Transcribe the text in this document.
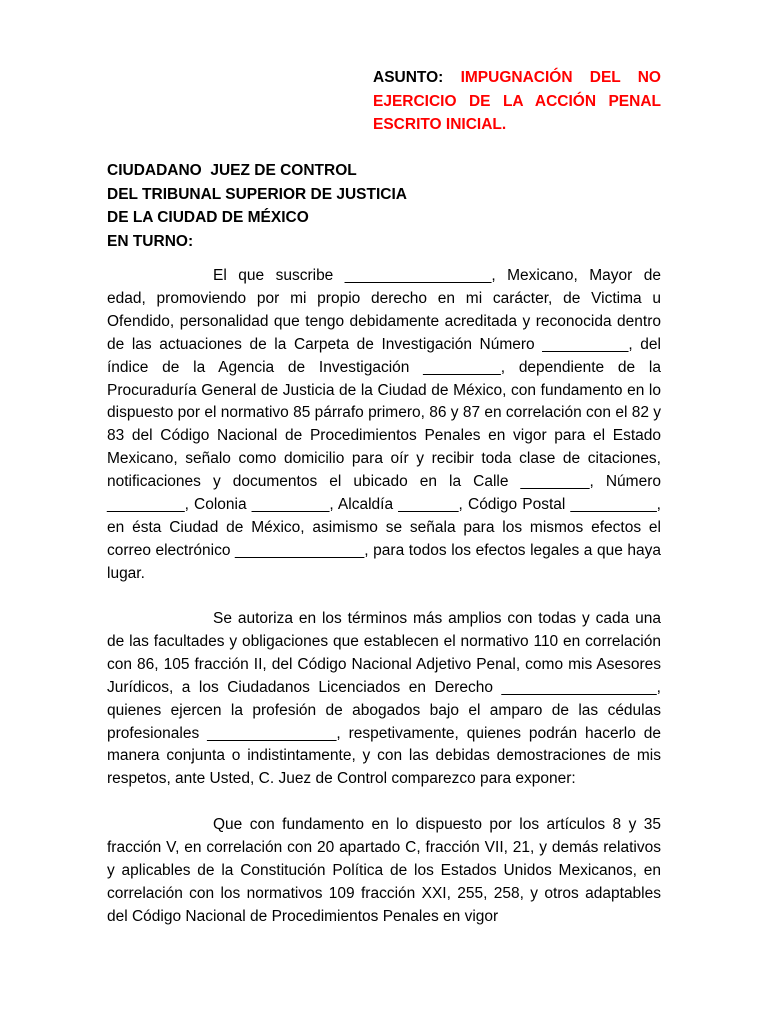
ASUNTO: IMPUGNACIÓN DEL NO EJERCICIO DE LA ACCIÓN PENAL ESCRITO INICIAL.
CIUDADANO  JUEZ DE CONTROL
DEL TRIBUNAL SUPERIOR DE JUSTICIA
DE LA CIUDAD DE MÉXICO
EN TURNO:

El que suscribe _________________, Mexicano, Mayor de edad, promoviendo por mi propio derecho en mi carácter, de Victima u Ofendido, personalidad que tengo debidamente acreditada y reconocida dentro de las actuaciones de la Carpeta de Investigación Número __________, del índice de la Agencia de Investigación _________, dependiente de la Procuraduría General de Justicia de la Ciudad de México, con fundamento en lo dispuesto por el normativo 85 párrafo primero, 86 y 87 en correlación con el 82 y 83 del Código Nacional de Procedimientos Penales en vigor para el Estado Mexicano, señalo como domicilio para oír y recibir toda clase de citaciones, notificaciones y documentos el ubicado en la Calle ________, Número _________, Colonia _________, Alcaldía _______, Código Postal __________, en ésta Ciudad de México, asimismo se señala para los mismos efectos el correo electrónico _______________, para todos los efectos legales a que haya lugar.

Se autoriza en los términos más amplios con todas y cada una de las facultades y obligaciones que establecen el normativo 110 en correlación con 86, 105 fracción II, del Código Nacional Adjetivo Penal, como mis Asesores Jurídicos, a los Ciudadanos Licenciados en Derecho __________________, quienes ejercen la profesión de abogados bajo el amparo de las cédulas profesionales _______________, respetivamente, quienes podrán hacerlo de manera conjunta o indistintamente, y con las debidas demostraciones de mis respetos, ante Usted, C. Juez de Control comparezco para exponer:

Que con fundamento en lo dispuesto por los artículos 8 y 35 fracción V, en correlación con 20 apartado C, fracción VII, 21, y demás relativos y aplicables de la Constitución Política de los Estados Unidos Mexicanos, en correlación con los normativos 109 fracción XXI, 255, 258, y otros adaptables del Código Nacional de Procedimientos Penales en vigor
